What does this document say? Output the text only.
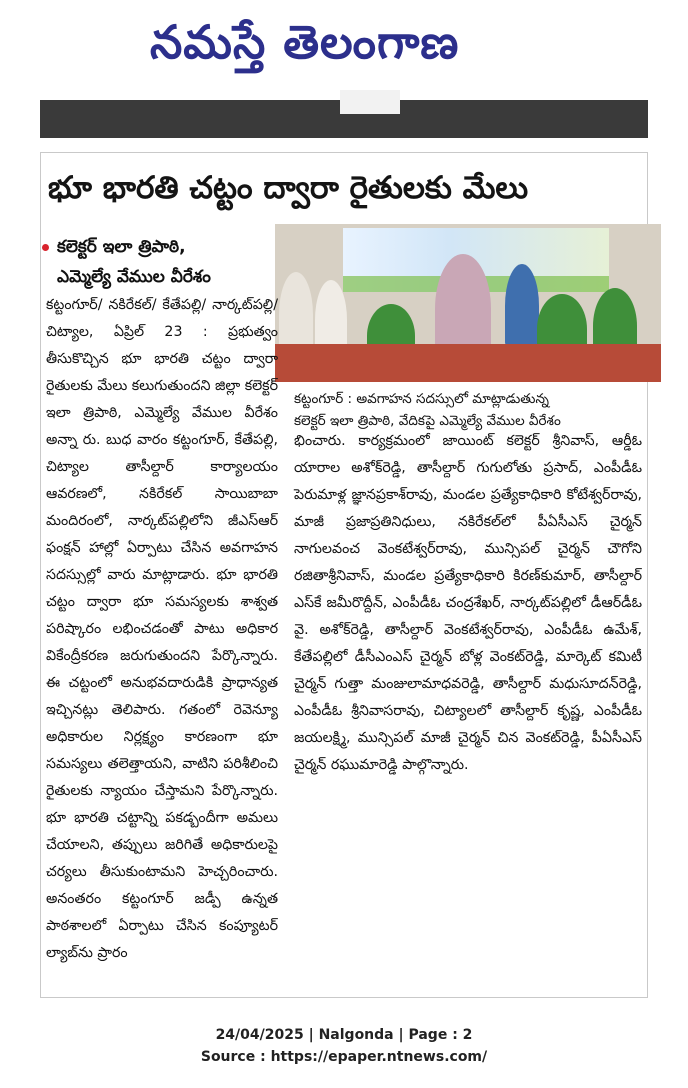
నమస్తే తెలంగాణ
భూ భారతి చట్టం ద్వారా రైతులకు మేలు
కలెక్టర్ ఇలా త్రిపాఠి,
ఎమ్మెల్యే వేముల వీరేశం
కట్టంగూర్ : అవగాహన సదస్సులో మాట్లాడుతున్న
కలెక్టర్ ఇలా త్రిపాఠి, వేదికపై ఎమ్మెల్యే వేముల వీరేశం

కట్టంగూర్/ నకిరేకల్/ కేతేపల్లి/ నార్కట్‌పల్లి/చిట్యాల, ఏప్రిల్ 23 : ప్రభుత్వం తీసుకొచ్చిన భూ భారతి చట్టం ద్వారా రైతులకు మేలు కలుగుతుందని జిల్లా కలెక్టర్ ఇలా త్రిపాఠి, ఎమ్మెల్యే వేముల వీరేశం అన్నా రు. బుధ వారం కట్టంగూర్, కేతేపల్లి, చిట్యాల తాసీల్దార్ కార్యాలయం ఆవరణలో, నకిరేకల్ సాయిబాబా మందిరంలో, నార్కట్‌పల్లిలోని జీఎస్‌ఆర్ ఫంక్షన్ హాల్లో ఏర్పాటు చేసిన అవగాహన సదస్సుల్లో వారు మాట్లాడారు. భూ భారతి చట్టం ద్వారా భూ సమస్యలకు శాశ్వత పరిష్కారం లభించడంతో పాటు అధికార వికేంద్రీకరణ జరుగుతుందని పేర్కొన్నారు. ఈ చట్టంలో అనుభవదారుడికి ప్రాధాన్యత ఇచ్చినట్లు తెలిపారు. గతంలో రెవెన్యూ అధికారుల నిర్లక్ష్యం కారణంగా భూ సమస్యలు తలెత్తాయని, వాటిని పరిశీలించి రైతులకు న్యాయం చేస్తామని పేర్కొన్నారు. భూ భారతి చట్టాన్ని పకడ్బందీగా అమలు చేయాలని, తప్పులు జరిగితే అధికారులపై చర్యలు తీసుకుంటామని హెచ్చరించారు. అనంతరం కట్టంగూర్ జడ్పీ ఉన్నత పాఠశాలలో ఏర్పాటు చేసిన కంప్యూటర్ ల్యాబ్‌ను ప్రారం

భించారు. కార్యక్రమంలో జాయింట్ కలెక్టర్ శ్రీనివాస్, ఆర్డీఓ యారాల అశోక్‌రెడ్డి, తాసీల్దార్ గుగులోతు ప్రసాద్, ఎంపీడీఓ పెరుమాళ్ల జ్ఞానప్రకాశ్‌రావు, మండల ప్రత్యేకాధికారి కోటేశ్వర్‌రావు, మాజీ ప్రజాప్రతినిధులు, నకిరేకల్‌లో పీఏసీఎస్ చైర్మన్ నాగులవంచ వెంకటేశ్వర్‌రావు, మున్సిపల్ చైర్మన్ చౌగోని రజితాశ్రీనివాస్, మండల ప్రత్యేకాధికారి కిరణ్‌కుమార్, తాసీల్దార్ ఎస్‌కే జమీరొద్దీన్, ఎంపీడీఓ చంద్రశేఖర్, నార్కట్‌పల్లిలో డీఆర్‌డీఓ వై. అశోక్‌రెడ్డి, తాసీల్దార్ వెంకటేశ్వర్‌రావు, ఎంపీడీఓ ఉమేశ్, కేతేపల్లిలో డీసీఎంఎస్ చైర్మన్ బోళ్ల వెంకట్‌రెడ్డి, మార్కెట్ కమిటీ చైర్మన్ గుత్తా మంజులామాధవరెడ్డి, తాసీల్దార్ మధుసూదన్‌రెడ్డి, ఎంపీడీఓ శ్రీనివాసరావు, చిట్యాలలో తాసీల్దార్ కృష్ణ, ఎంపీడీఓ జయలక్ష్మి, మున్సిపల్ మాజీ చైర్మన్ చిన వెంకట్‌రెడ్డి, పీఏసీఎస్ చైర్మన్ రఘుమారెడ్డి పాల్గొన్నారు.

24/04/2025 | Nalgonda | Page : 2
Source : https://epaper.ntnews.com/
